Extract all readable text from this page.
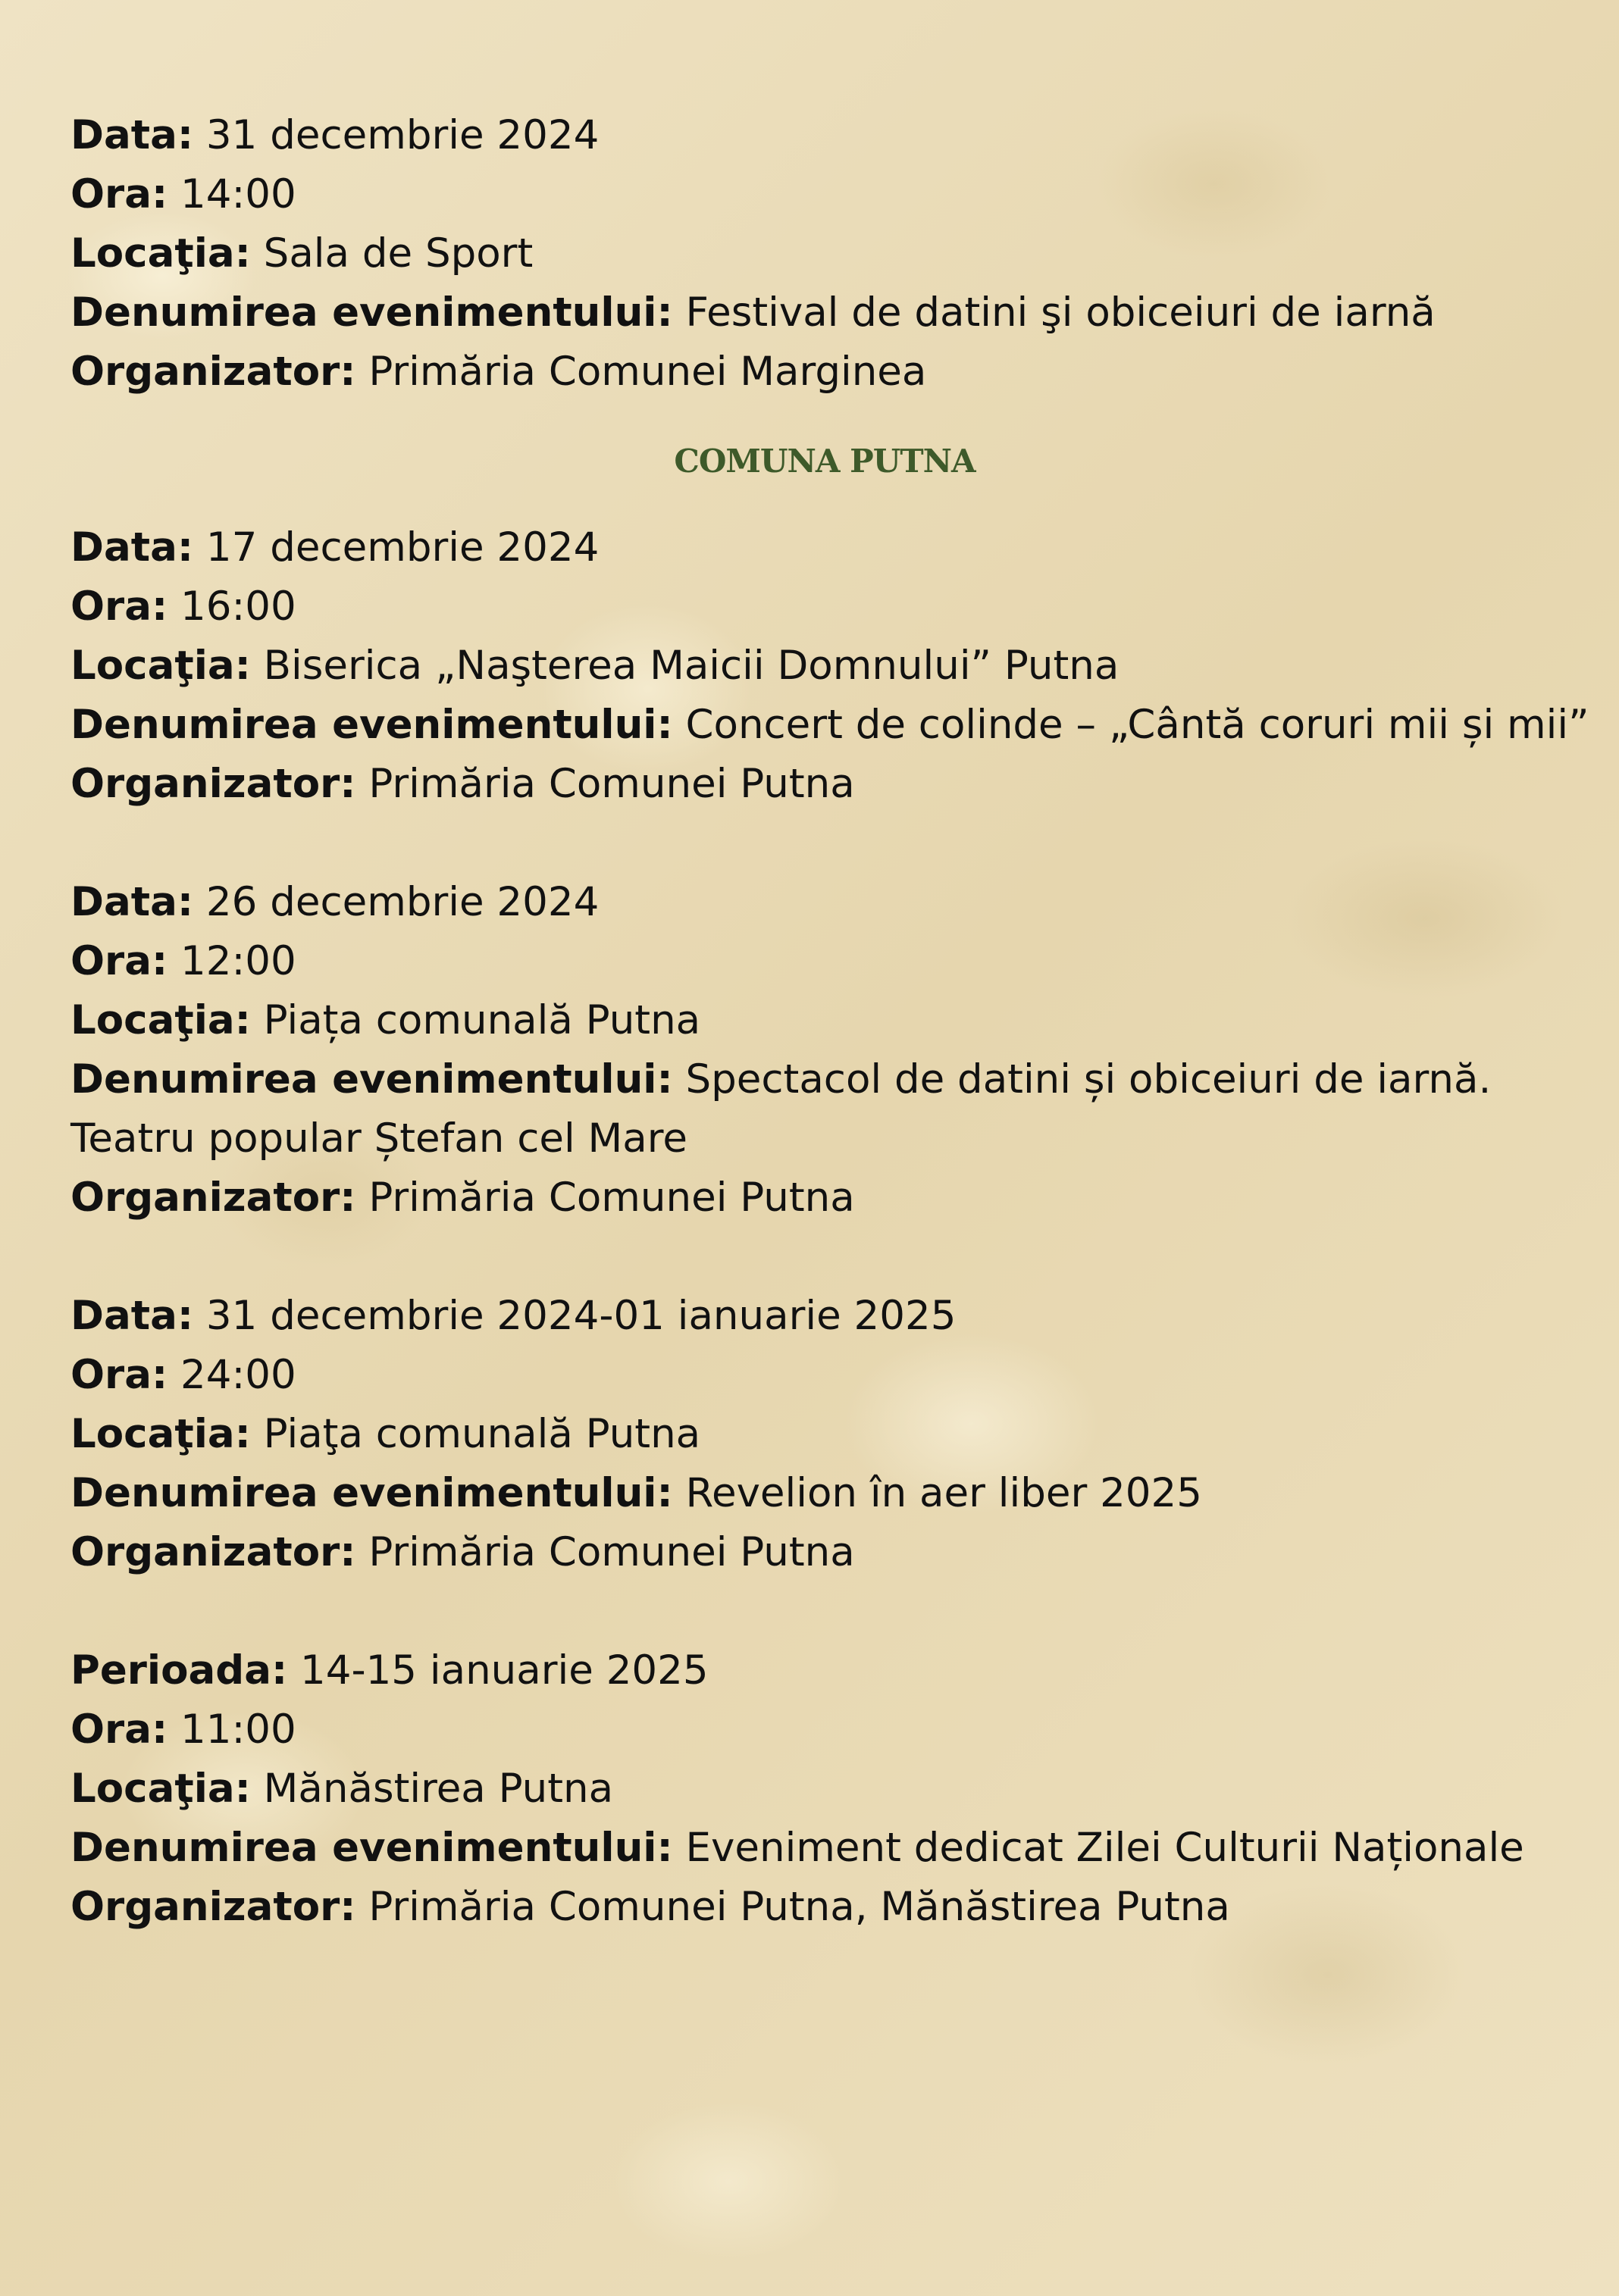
Data: 31 decembrie 2024
Ora: 14:00
Locaţia: Sala de Sport
Denumirea evenimentului: Festival de datini şi obiceiuri de iarnă
Organizator: Primăria Comunei Marginea
COMUNA PUTNA
Data: 17 decembrie 2024
Ora: 16:00
Locaţia: Biserica „Naşterea Maicii Domnului” Putna
Denumirea evenimentului: Concert de colinde – „Cântă coruri mii și mii”
Organizator: Primăria Comunei Putna
Data: 26 decembrie 2024
Ora: 12:00
Locaţia: Piața comunală Putna
Denumirea evenimentului: Spectacol de datini și obiceiuri de iarnă. Teatru popular Ștefan cel Mare
Organizator: Primăria Comunei Putna
Data: 31 decembrie 2024-01 ianuarie 2025
Ora: 24:00
Locaţia: Piaţa comunală Putna
Denumirea evenimentului: Revelion în aer liber 2025
Organizator: Primăria Comunei Putna
Perioada: 14-15 ianuarie 2025
Ora: 11:00
Locaţia: Mănăstirea Putna
Denumirea evenimentului: Eveniment dedicat Zilei Culturii Naționale
Organizator: Primăria Comunei Putna, Mănăstirea Putna
